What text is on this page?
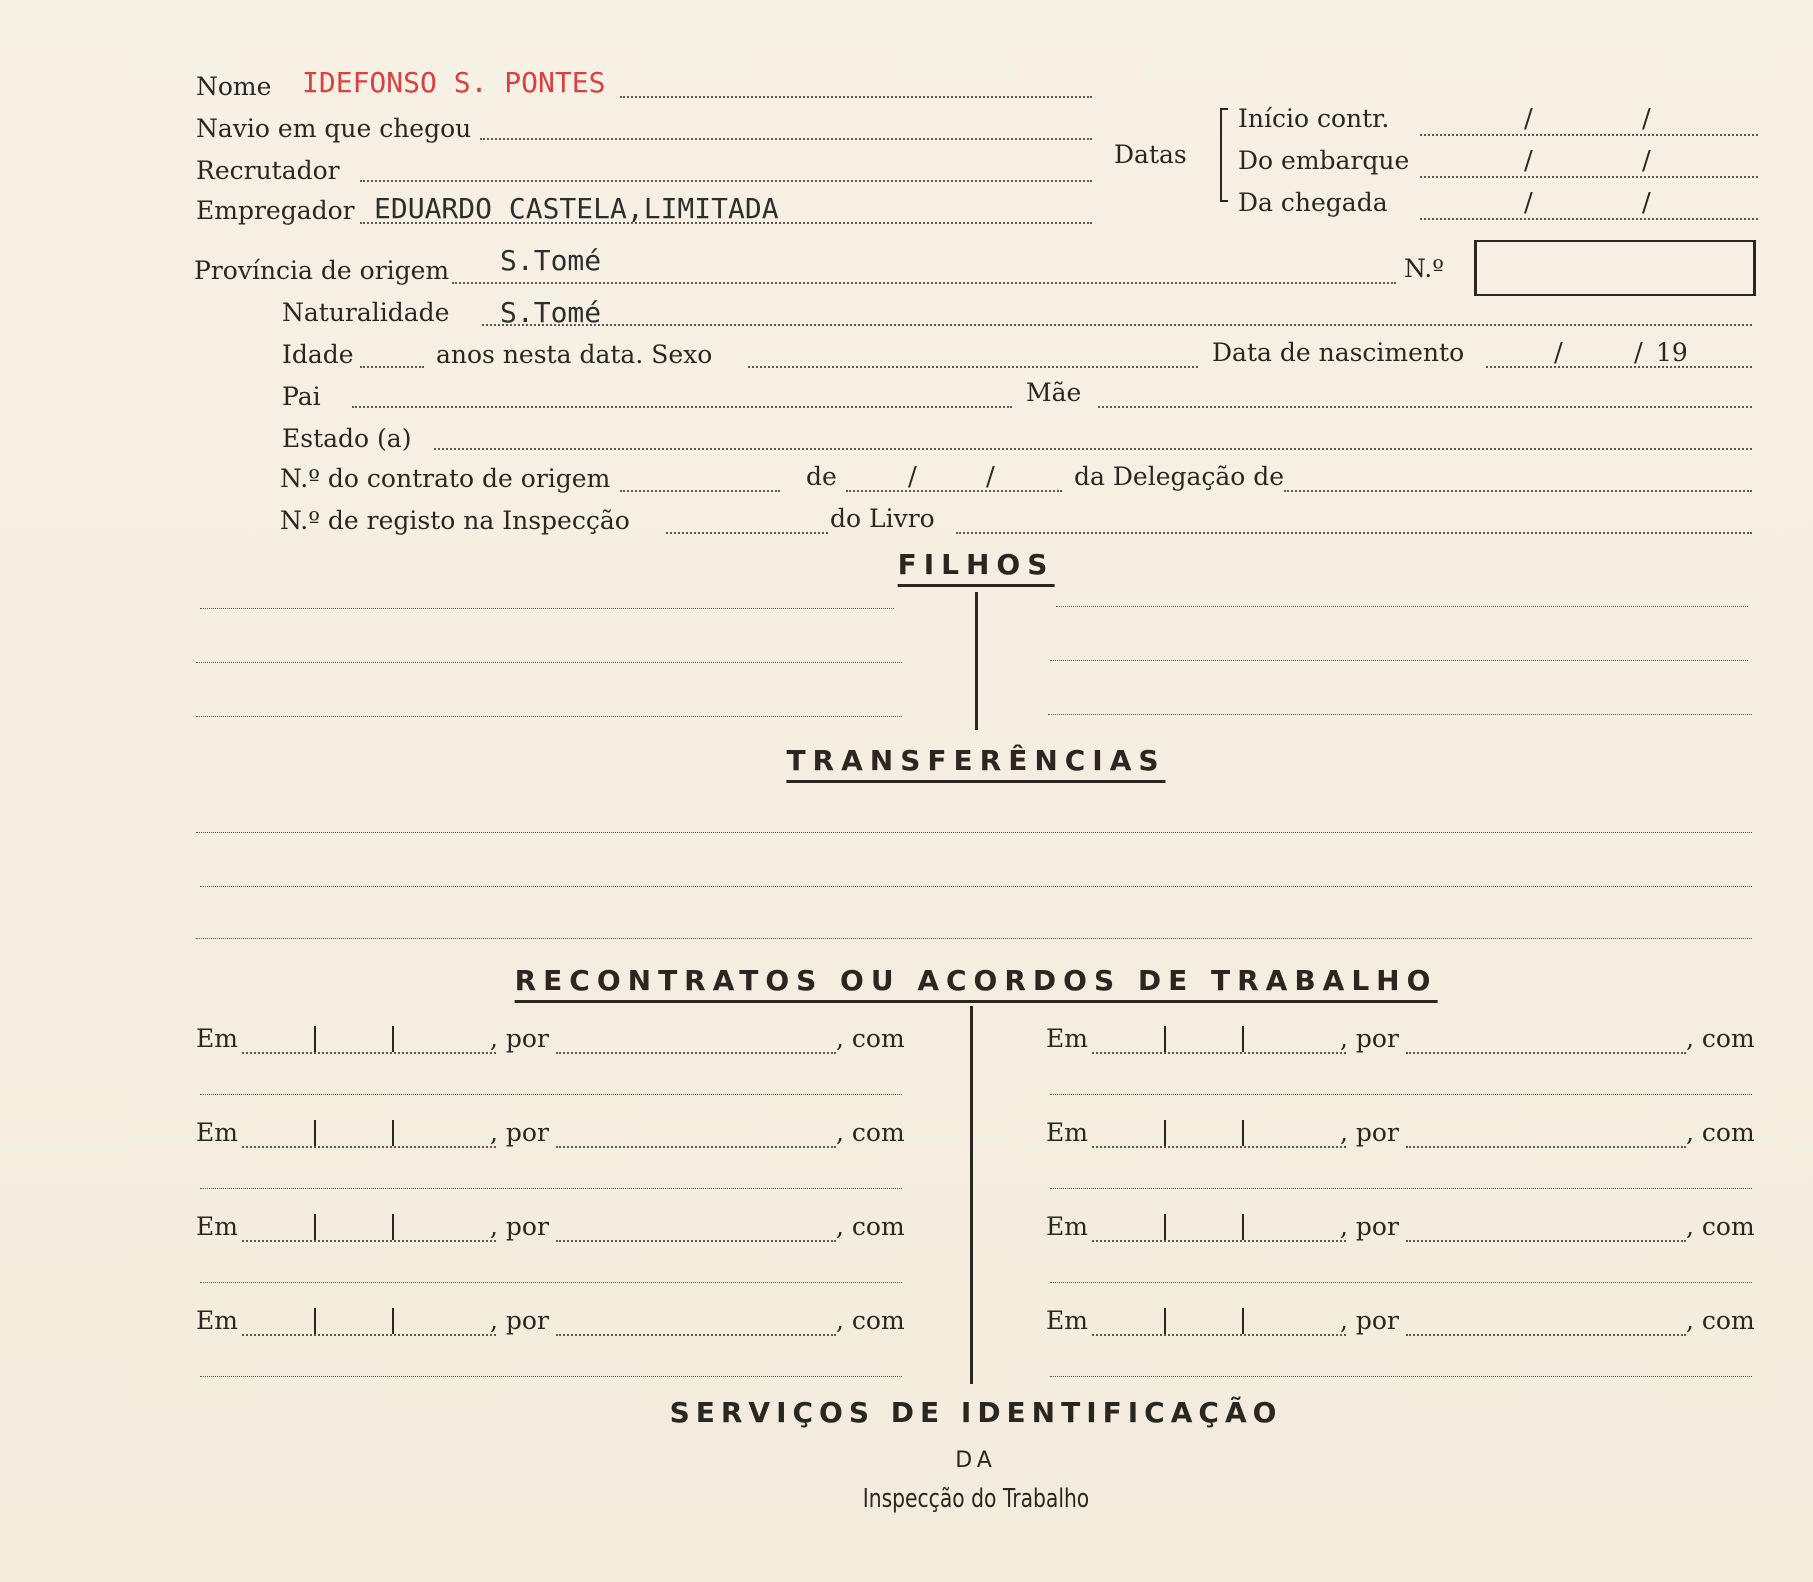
Nome IDEFONSO S. PONTES
Navio em que chegou
Recrutador
Empregador EDUARDO CASTELA,LIMITADA
Datas
Início contr.	/	/
Do embarque	/	/
Da chegada	/	/
Província de origem S.Tomé	N.º
Naturalidade S.Tomé
Idade	anos nesta data. Sexo	Data de nascimento	/	/ 19
Pai	Mãe
Estado (a)
N.º do contrato de origem	de	/	/	da Delegação de
N.º de registo na Inspecção	do Livro
FILHOS
TRANSFERÊNCIAS
RECONTRATOS OU ACORDOS DE TRABALHO
Em	, por	, com
Em	, por	, com
Em	, por	, com
Em	, por	, com
Em	, por	, com
Em	, por	, com
Em	, por	, com
Em	, por	, com
SERVIÇOS DE IDENTIFICAÇÃO
DA
Inspecção do Trabalho
